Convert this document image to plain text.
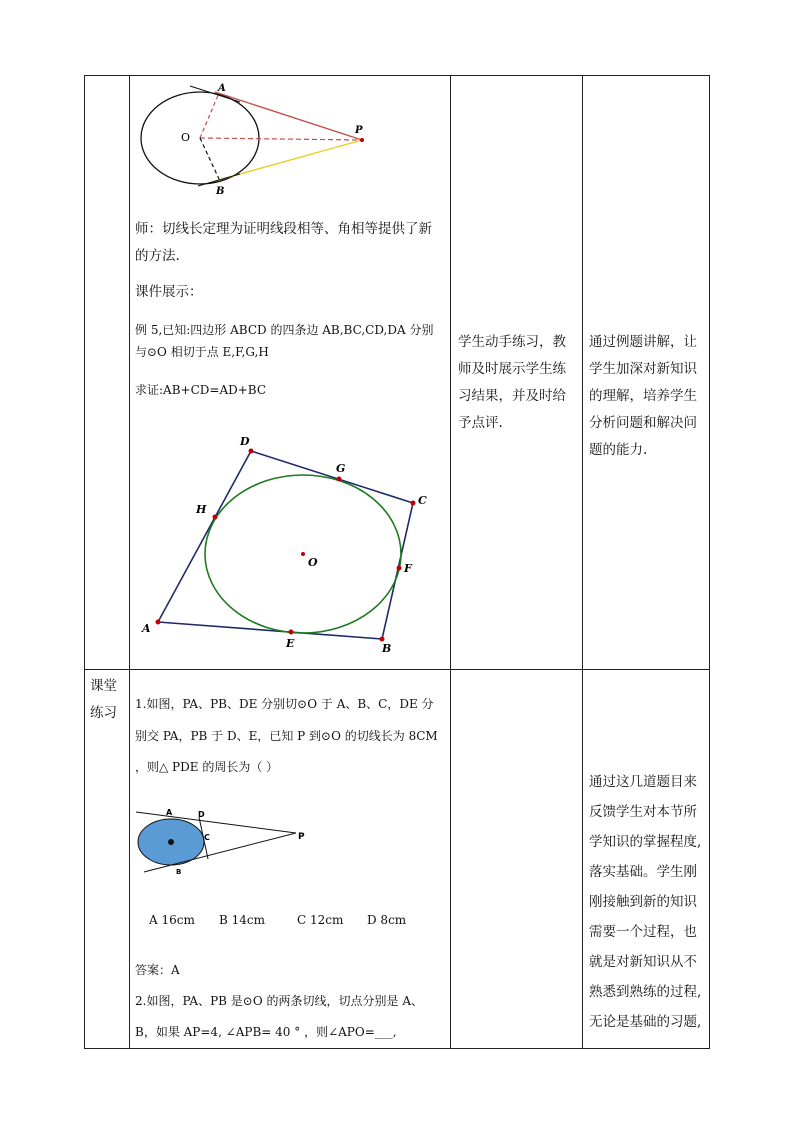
A
B
O
P
师：切线长定理为证明线段相等、角相等提供了新
的方法.
课件展示：
例 5,已知:四边形 ABCD 的四条边 AB,BC,CD,DA 分别
与⊙O 相切于点 E,F,G,H
求证:AB+CD=AD+BC
A
B
C
D
E
F
G
H
O
学生动手练习，教
师及时展示学生练
习结果，并及时给
予点评.
通过例题讲解，让
学生加深对新知识
的理解，培养学生
分析问题和解决问
题的能力.
课堂
练习
1.如图，PA、PB、DE 分别切⊙O 于 A、B、C，DE 分
别交 PA，PB 于 D、E，已知 P 到⊙O 的切线长为 8CM
，则△ PDE 的周长为（ ）
A	D
C
B
P
A 16cm B 14cm	C 12cm D 8cm
答案：A
2.如图，PA、PB 是⊙O 的两条切线，切点分别是 A、
B，如果 AP=4, ∠APB= 40 ° ，则∠APO=___,
通过这几道题目来
反馈学生对本节所
学知识的掌握程度,
落实基础。学生刚
刚接触到新的知识
需要一个过程，也
就是对新知识从不
熟悉到熟练的过程,
无论是基础的习题,
